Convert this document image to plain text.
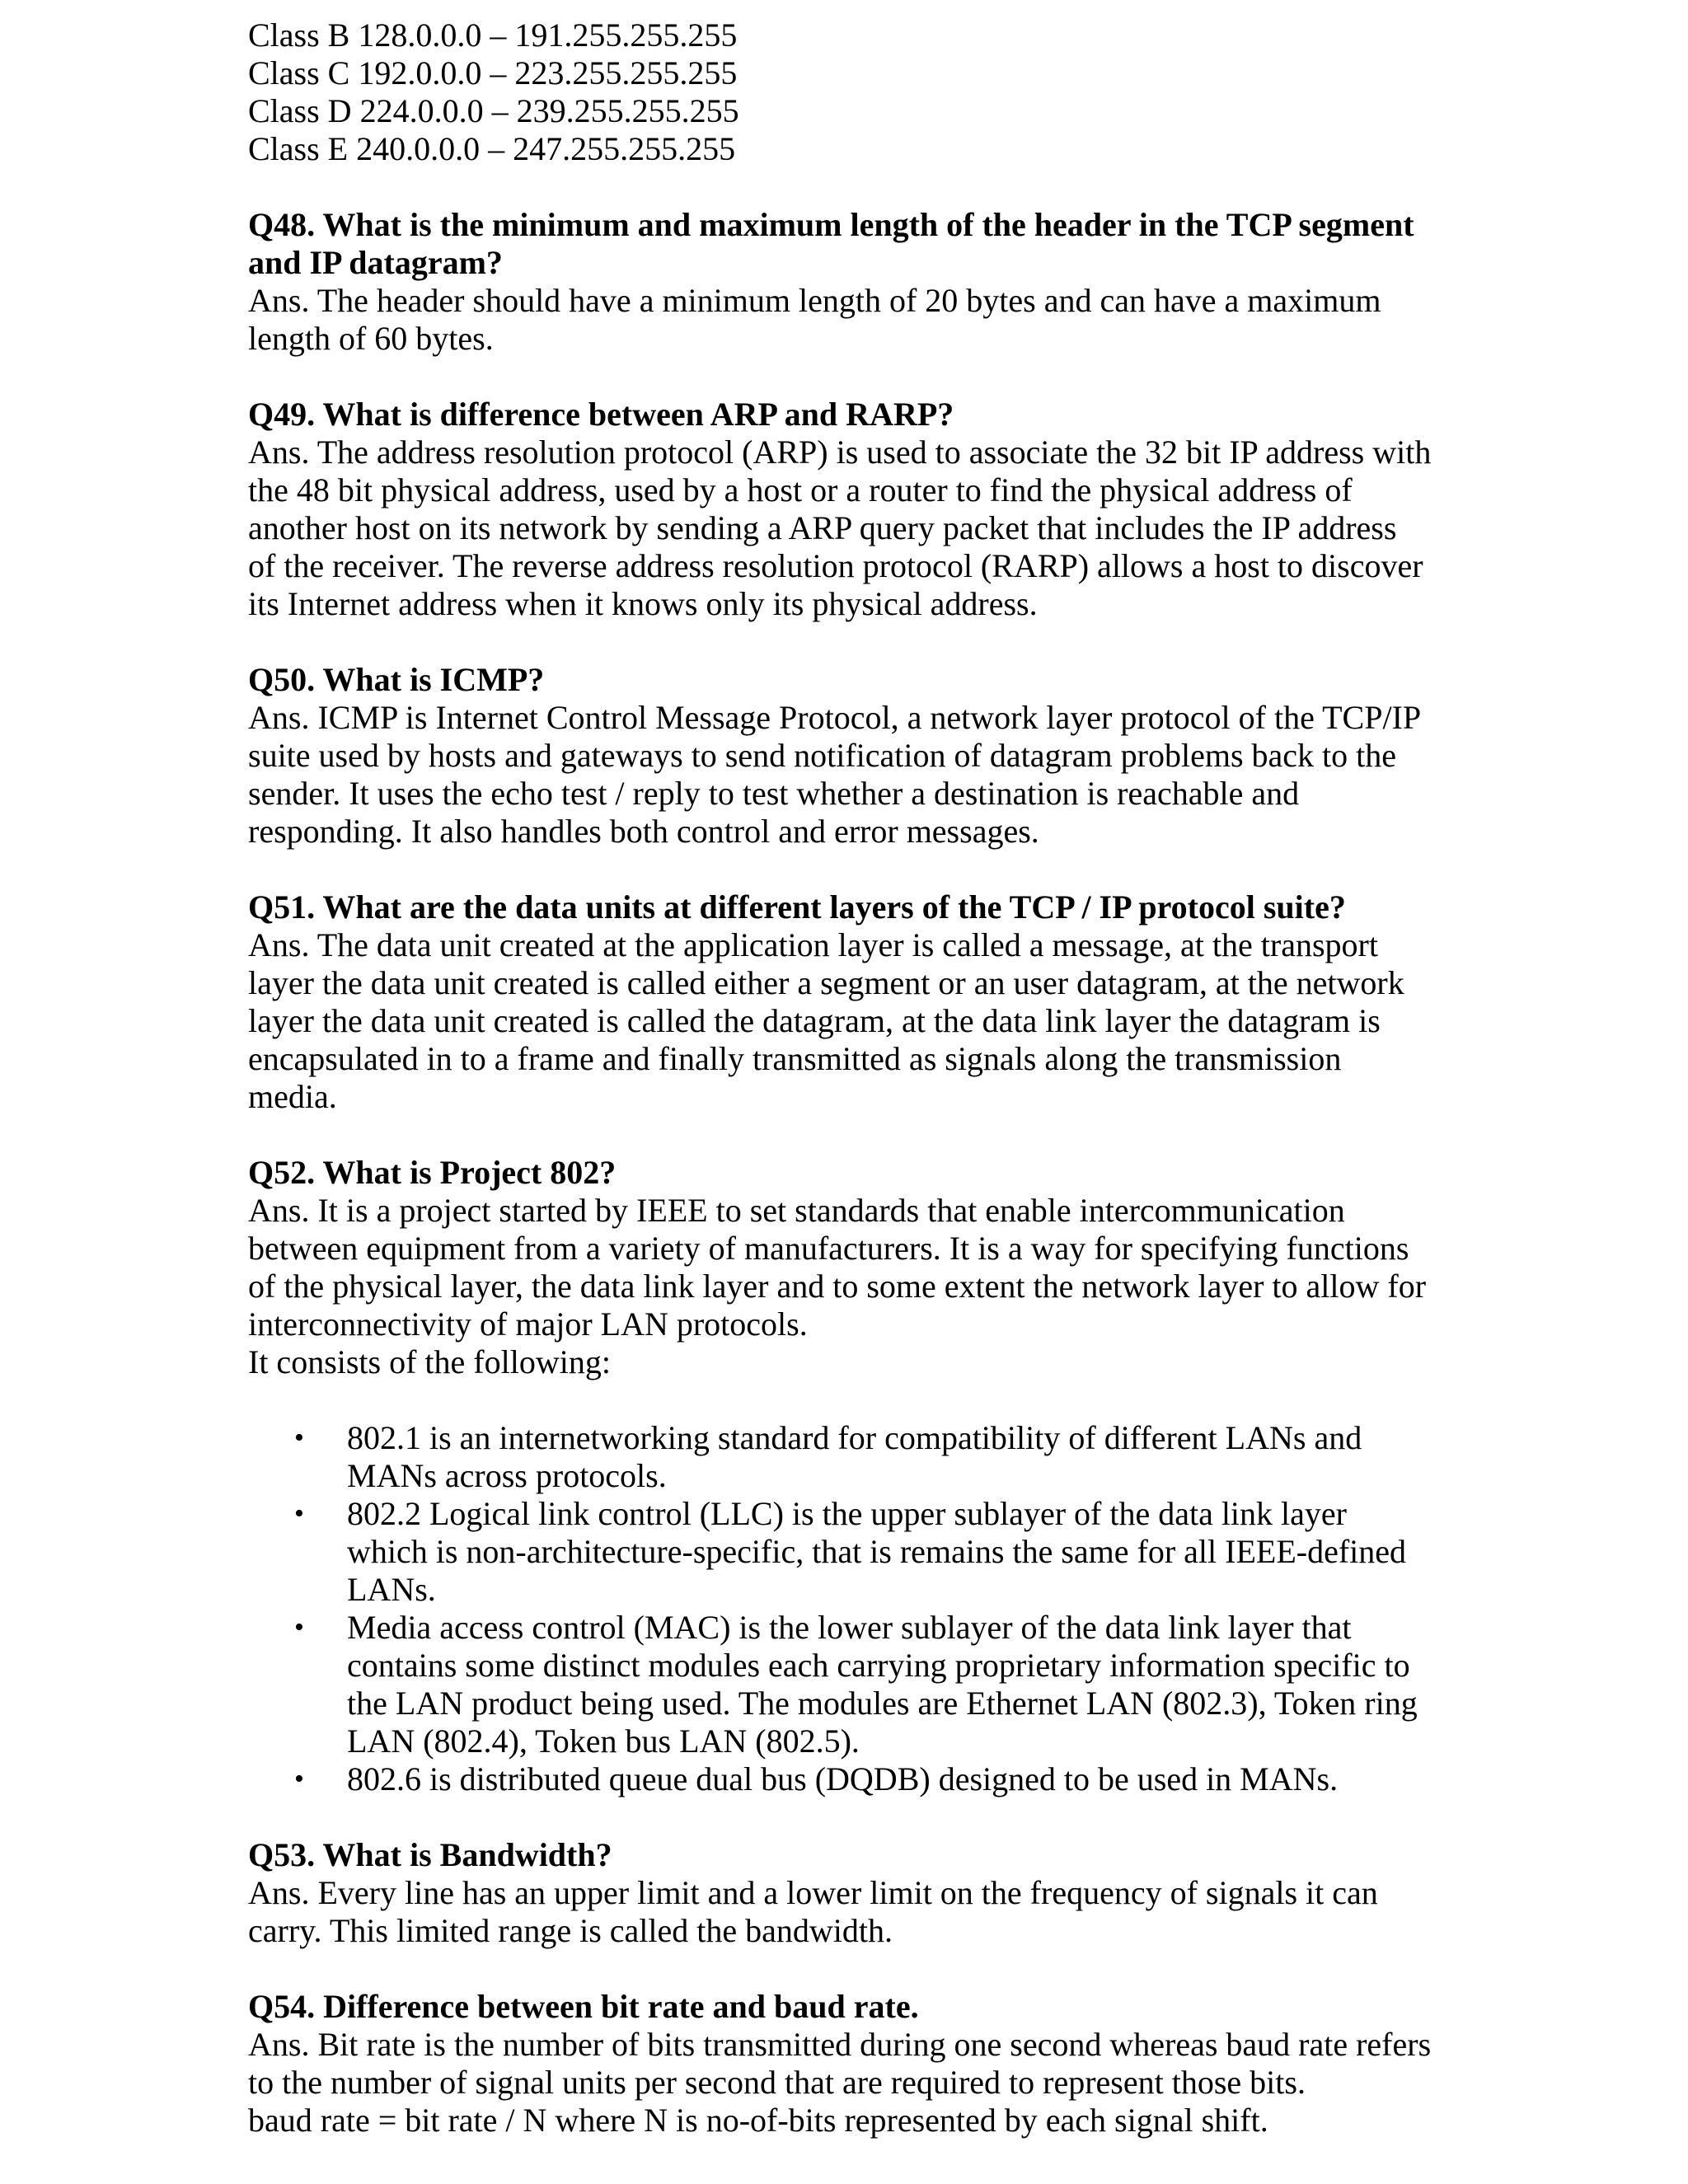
Class B 128.0.0.0 – 191.255.255.255
Class C 192.0.0.0 – 223.255.255.255
Class D 224.0.0.0 – 239.255.255.255
Class E 240.0.0.0 – 247.255.255.255
Q48. What is the minimum and maximum length of the header in the TCP segment
and IP datagram?
Ans. The header should have a minimum length of 20 bytes and can have a maximum
length of 60 bytes.
Q49. What is difference between ARP and RARP?
Ans. The address resolution protocol (ARP) is used to associate the 32 bit IP address with
the 48 bit physical address, used by a host or a router to find the physical address of
another host on its network by sending a ARP query packet that includes the IP address
of the receiver. The reverse address resolution protocol (RARP) allows a host to discover
its Internet address when it knows only its physical address.
Q50. What is ICMP?
Ans. ICMP is Internet Control Message Protocol, a network layer protocol of the TCP/IP
suite used by hosts and gateways to send notification of datagram problems back to the
sender. It uses the echo test / reply to test whether a destination is reachable and
responding. It also handles both control and error messages.
Q51. What are the data units at different layers of the TCP / IP protocol suite?
Ans. The data unit created at the application layer is called a message, at the transport
layer the data unit created is called either a segment or an user datagram, at the network
layer the data unit created is called the datagram, at the data link layer the datagram is
encapsulated in to a frame and finally transmitted as signals along the transmission
media.
Q52. What is Project 802?
Ans. It is a project started by IEEE to set standards that enable intercommunication
between equipment from a variety of manufacturers. It is a way for specifying functions
of the physical layer, the data link layer and to some extent the network layer to allow for
interconnectivity of major LAN protocols.
It consists of the following:
• 802.1 is an internetworking standard for compatibility of different LANs and
MANs across protocols.
• 802.2 Logical link control (LLC) is the upper sublayer of the data link layer
which is non-architecture-specific, that is remains the same for all IEEE-defined
LANs.
• Media access control (MAC) is the lower sublayer of the data link layer that
contains some distinct modules each carrying proprietary information specific to
the LAN product being used. The modules are Ethernet LAN (802.3), Token ring
LAN (802.4), Token bus LAN (802.5).
• 802.6 is distributed queue dual bus (DQDB) designed to be used in MANs.
Q53. What is Bandwidth?
Ans. Every line has an upper limit and a lower limit on the frequency of signals it can
carry. This limited range is called the bandwidth.
Q54. Difference between bit rate and baud rate.
Ans. Bit rate is the number of bits transmitted during one second whereas baud rate refers
to the number of signal units per second that are required to represent those bits.
baud rate = bit rate / N where N is no-of-bits represented by each signal shift.
